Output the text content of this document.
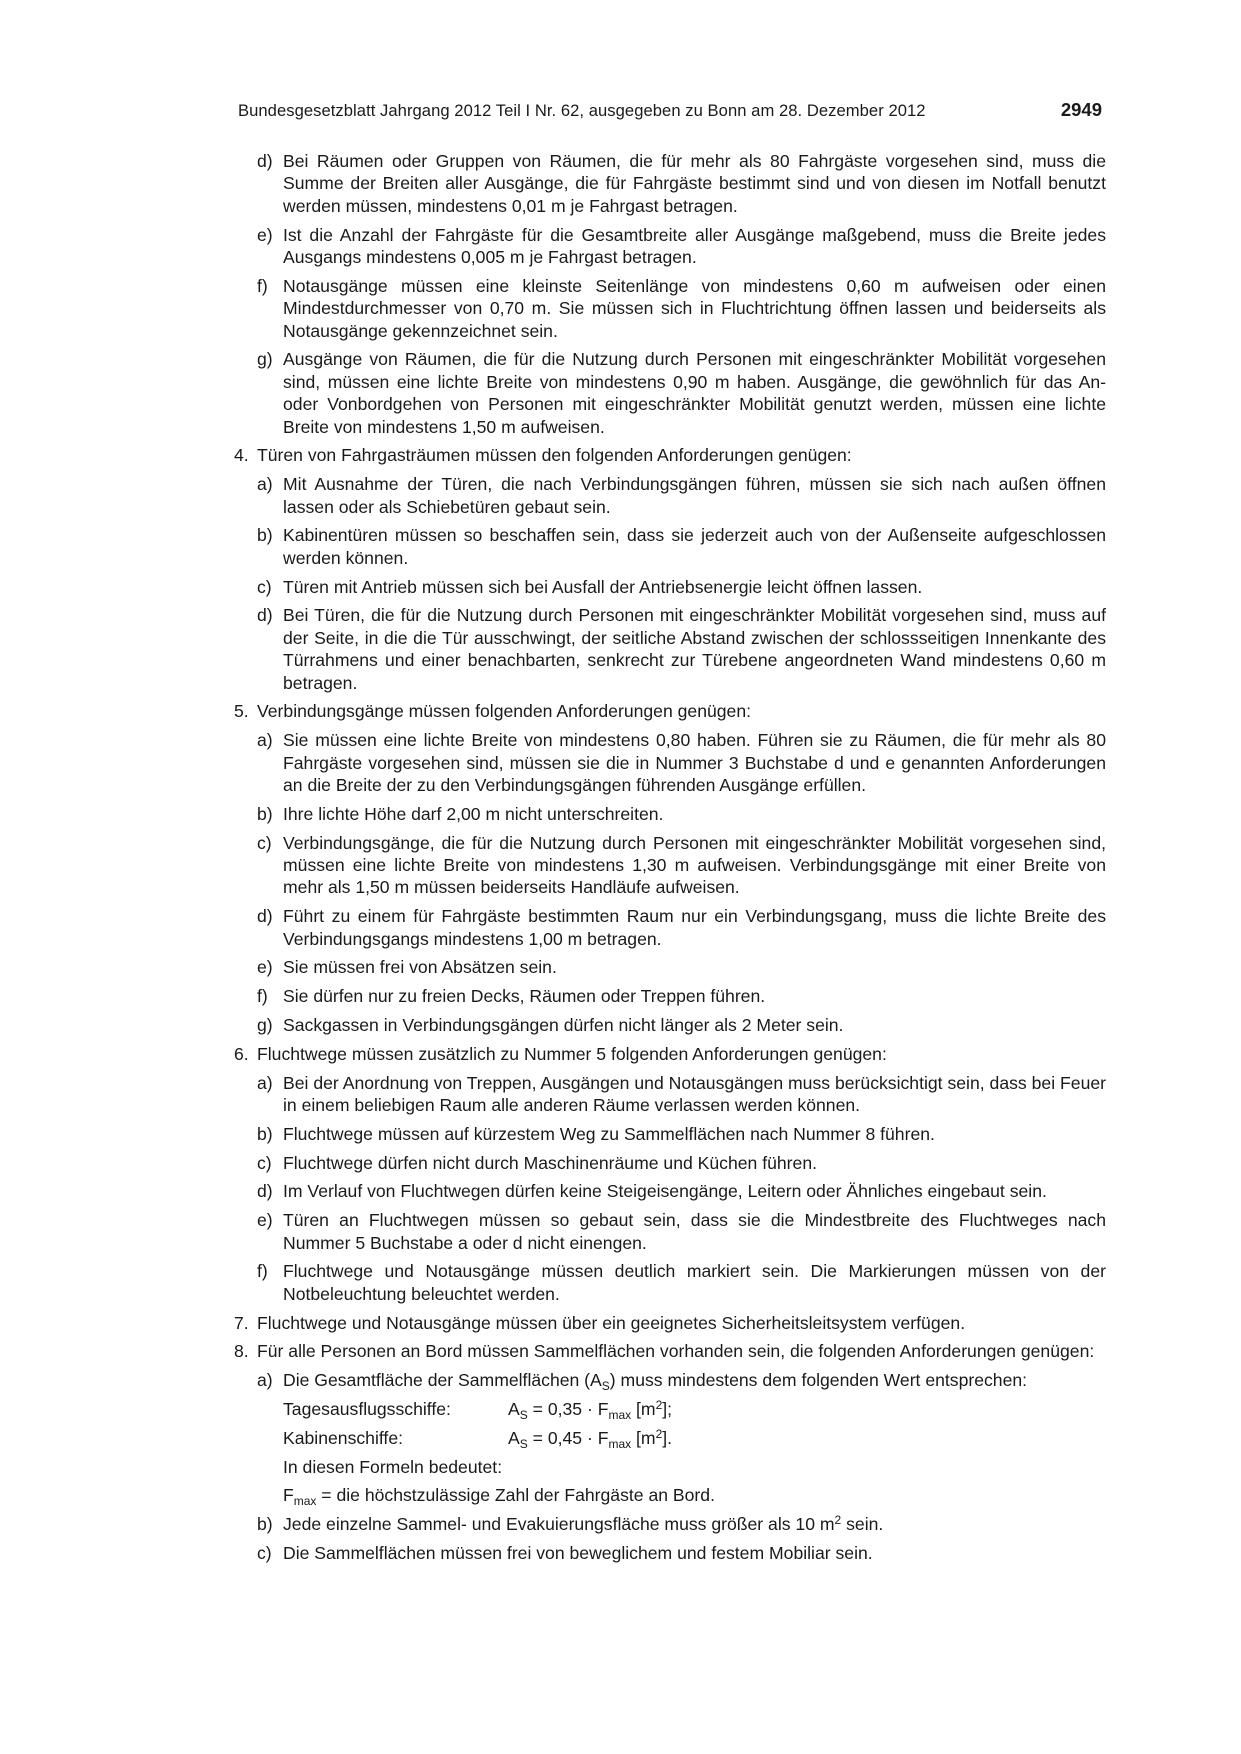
Bundesgesetzblatt Jahrgang 2012 Teil I Nr. 62, ausgegeben zu Bonn am 28. Dezember 2012	2949
d) Bei Räumen oder Gruppen von Räumen, die für mehr als 80 Fahrgäste vorgesehen sind, muss die Summe der Breiten aller Ausgänge, die für Fahrgäste bestimmt sind und von diesen im Notfall benutzt werden müssen, mindestens 0,01 m je Fahrgast betragen.
e) Ist die Anzahl der Fahrgäste für die Gesamtbreite aller Ausgänge maßgebend, muss die Breite jedes Ausgangs mindestens 0,005 m je Fahrgast betragen.
f) Notausgänge müssen eine kleinste Seitenlänge von mindestens 0,60 m aufweisen oder einen Mindestdurchmesser von 0,70 m. Sie müssen sich in Fluchtrichtung öffnen lassen und beiderseits als Notausgänge gekennzeichnet sein.
g) Ausgänge von Räumen, die für die Nutzung durch Personen mit eingeschränkter Mobilität vorgesehen sind, müssen eine lichte Breite von mindestens 0,90 m haben. Ausgänge, die gewöhnlich für das An- oder Vonbordgehen von Personen mit eingeschränkter Mobilität genutzt werden, müssen eine lichte Breite von mindestens 1,50 m aufweisen.
4. Türen von Fahrgasträumen müssen den folgenden Anforderungen genügen:
a) Mit Ausnahme der Türen, die nach Verbindungsgängen führen, müssen sie sich nach außen öffnen lassen oder als Schiebetüren gebaut sein.
b) Kabinentüren müssen so beschaffen sein, dass sie jederzeit auch von der Außenseite aufgeschlossen werden können.
c) Türen mit Antrieb müssen sich bei Ausfall der Antriebsenergie leicht öffnen lassen.
d) Bei Türen, die für die Nutzung durch Personen mit eingeschränkter Mobilität vorgesehen sind, muss auf der Seite, in die die Tür ausschwingt, der seitliche Abstand zwischen der schlossseitigen Innenkante des Türrahmens und einer benachbarten, senkrecht zur Türebene angeordneten Wand mindestens 0,60 m betragen.
5. Verbindungsgänge müssen folgenden Anforderungen genügen:
a) Sie müssen eine lichte Breite von mindestens 0,80 haben. Führen sie zu Räumen, die für mehr als 80 Fahrgäste vorgesehen sind, müssen sie die in Nummer 3 Buchstabe d und e genannten Anforderungen an die Breite der zu den Verbindungsgängen führenden Ausgänge erfüllen.
b) Ihre lichte Höhe darf 2,00 m nicht unterschreiten.
c) Verbindungsgänge, die für die Nutzung durch Personen mit eingeschränkter Mobilität vorgesehen sind, müssen eine lichte Breite von mindestens 1,30 m aufweisen. Verbindungsgänge mit einer Breite von mehr als 1,50 m müssen beiderseits Handläufe aufweisen.
d) Führt zu einem für Fahrgäste bestimmten Raum nur ein Verbindungsgang, muss die lichte Breite des Verbindungsgangs mindestens 1,00 m betragen.
e) Sie müssen frei von Absätzen sein.
f) Sie dürfen nur zu freien Decks, Räumen oder Treppen führen.
g) Sackgassen in Verbindungsgängen dürfen nicht länger als 2 Meter sein.
6. Fluchtwege müssen zusätzlich zu Nummer 5 folgenden Anforderungen genügen:
a) Bei der Anordnung von Treppen, Ausgängen und Notausgängen muss berücksichtigt sein, dass bei Feuer in einem beliebigen Raum alle anderen Räume verlassen werden können.
b) Fluchtwege müssen auf kürzestem Weg zu Sammelflächen nach Nummer 8 führen.
c) Fluchtwege dürfen nicht durch Maschinenräume und Küchen führen.
d) Im Verlauf von Fluchtwegen dürfen keine Steigeisengänge, Leitern oder Ähnliches eingebaut sein.
e) Türen an Fluchtwegen müssen so gebaut sein, dass sie die Mindestbreite des Fluchtweges nach Nummer 5 Buchstabe a oder d nicht einengen.
f) Fluchtwege und Notausgänge müssen deutlich markiert sein. Die Markierungen müssen von der Notbeleuchtung beleuchtet werden.
7. Fluchtwege und Notausgänge müssen über ein geeignetes Sicherheitsleitsystem verfügen.
8. Für alle Personen an Bord müssen Sammelflächen vorhanden sein, die folgenden Anforderungen genügen:
a) Die Gesamtfläche der Sammelflächen $(A_S)$ muss mindestens dem folgenden Wert entsprechen:
Tagesausflugsschiffe:	$A_S = 0,35 \cdot F_{max}$ $[m^2]$;
Kabinenschiffe:	$A_S = 0,45 \cdot F_{max}$ $[m^2]$.
In diesen Formeln bedeutet:
$F_{max}$ = die höchstzulässige Zahl der Fahrgäste an Bord.
b) Jede einzelne Sammel- und Evakuierungsfläche muss größer als 10 $m^2$ sein.
c) Die Sammelflächen müssen frei von beweglichem und festem Mobiliar sein.
